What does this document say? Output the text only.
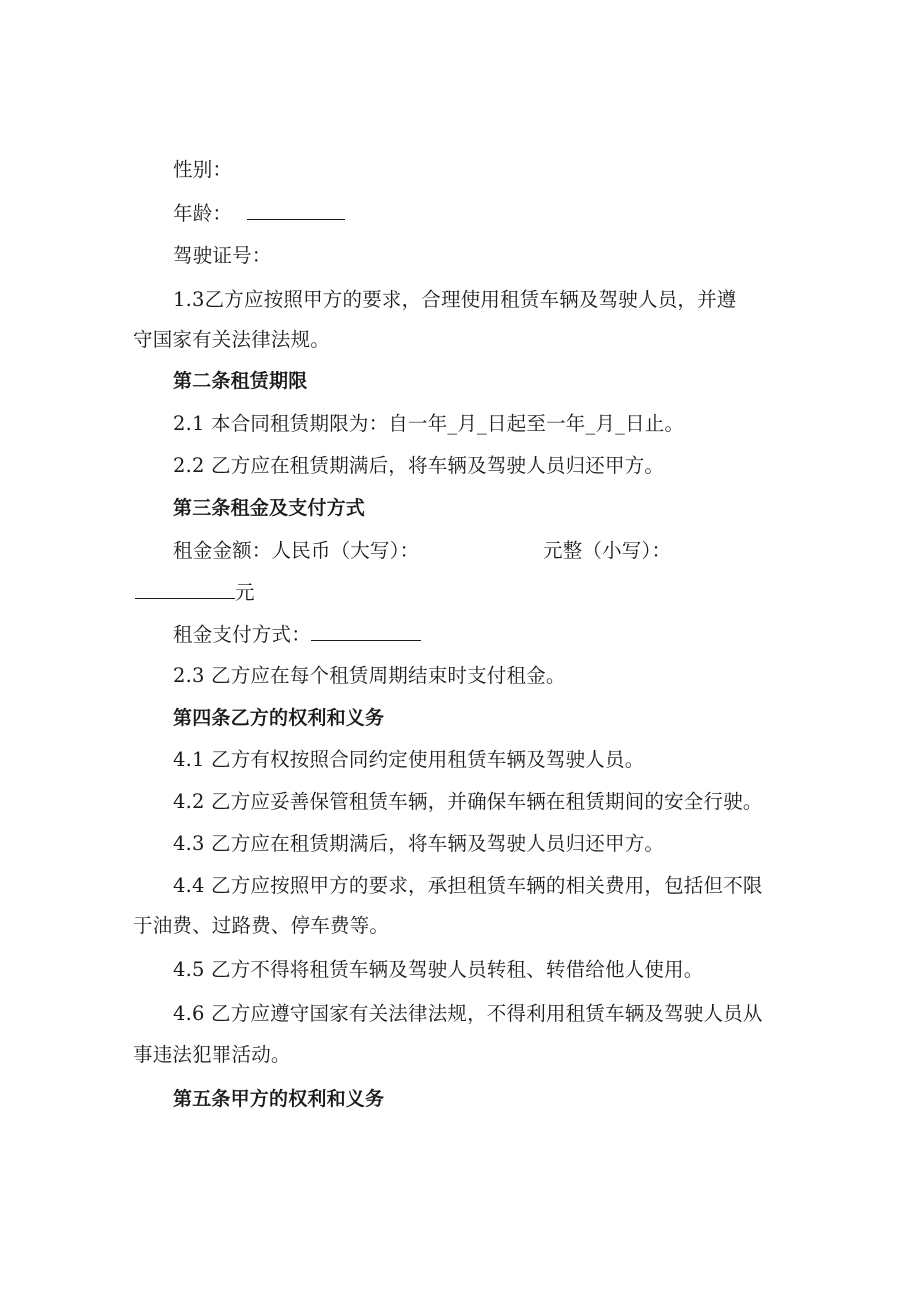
性别：
年龄：
驾驶证号：
1.3乙方应按照甲方的要求，合理使用租赁车辆及驾驶人员，并遵
守国家有关法律法规。
第二条租赁期限
2.1 本合同租赁期限为：自一年_月_日起至一年_月_日止。
2.2 乙方应在租赁期满后，将车辆及驾驶人员归还甲方。
第三条租金及支付方式
租金金额：人民币（大写）：	元整（小写）：
元
租金支付方式：
2.3 乙方应在每个租赁周期结束时支付租金。
第四条乙方的权利和义务
4.1 乙方有权按照合同约定使用租赁车辆及驾驶人员。
4.2 乙方应妥善保管租赁车辆，并确保车辆在租赁期间的安全行驶。
4.3 乙方应在租赁期满后，将车辆及驾驶人员归还甲方。
4.4 乙方应按照甲方的要求，承担租赁车辆的相关费用，包括但不限
于油费、过路费、停车费等。
4.5 乙方不得将租赁车辆及驾驶人员转租、转借给他人使用。
4.6 乙方应遵守国家有关法律法规，不得利用租赁车辆及驾驶人员从
事违法犯罪活动。
第五条甲方的权利和义务
